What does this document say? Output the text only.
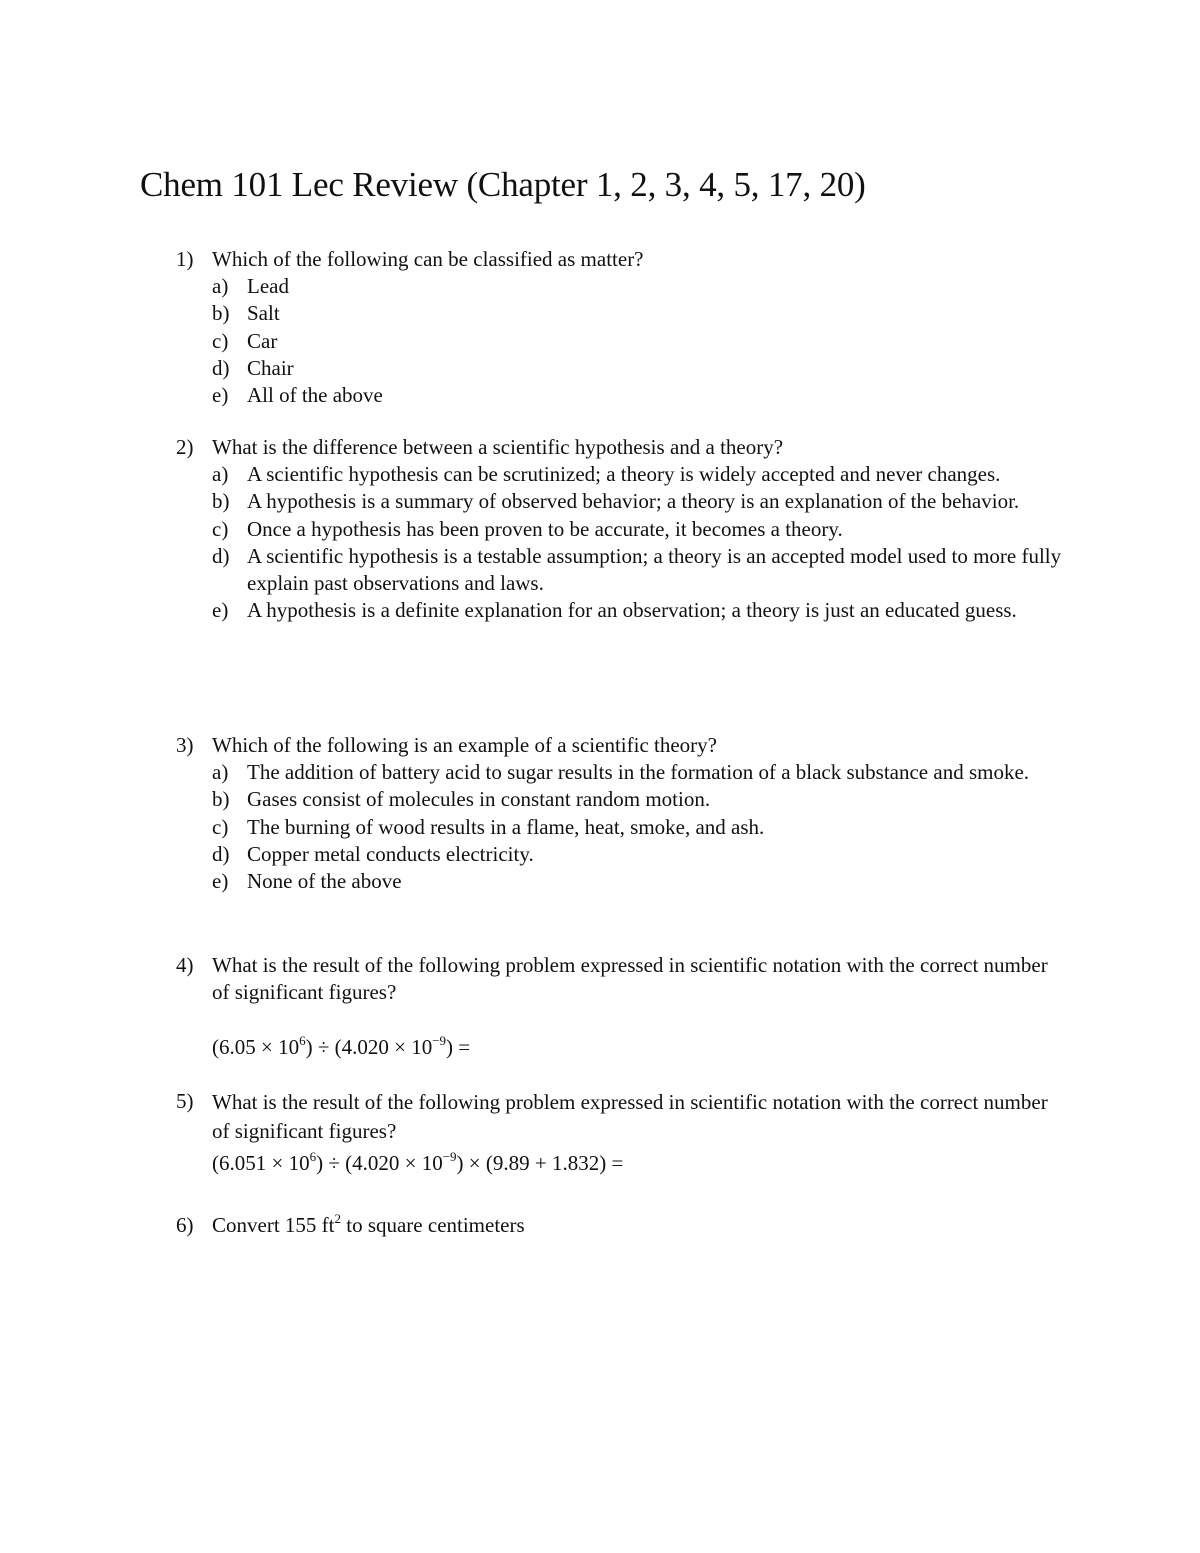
Chem 101 Lec Review (Chapter 1, 2, 3, 4, 5, 17, 20)
1) Which of the following can be classified as matter?
a) Lead
b) Salt
c) Car
d) Chair
e) All of the above
2) What is the difference between a scientific hypothesis and a theory?
a) A scientific hypothesis can be scrutinized; a theory is widely accepted and never changes.
b) A hypothesis is a summary of observed behavior; a theory is an explanation of the behavior.
c) Once a hypothesis has been proven to be accurate, it becomes a theory.
d) A scientific hypothesis is a testable assumption; a theory is an accepted model used to more fully explain past observations and laws.
e) A hypothesis is a definite explanation for an observation; a theory is just an educated guess.
3) Which of the following is an example of a scientific theory?
a) The addition of battery acid to sugar results in the formation of a black substance and smoke.
b) Gases consist of molecules in constant random motion.
c) The burning of wood results in a flame, heat, smoke, and ash.
d) Copper metal conducts electricity.
e) None of the above
4) What is the result of the following problem expressed in scientific notation with the correct number of significant figures?
$(6.05 \times 10^6) \div (4.020 \times 10^{-9})$ =
5) What is the result of the following problem expressed in scientific notation with the correct number of significant figures?
$(6.051 \times 10^6) \div (4.020 \times 10^{-9}) \times (9.89 + 1.832)$ =
6) Convert 155 $ft^2$ to square centimeters
